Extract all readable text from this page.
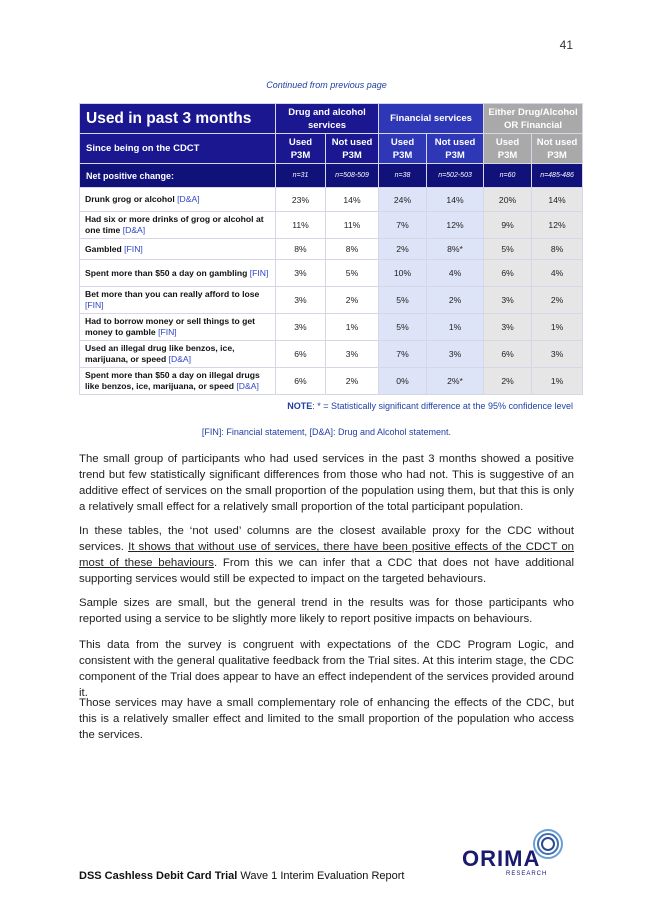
41
Continued from previous page
Used in past 3 months	Drug and alcohol services		Financial services		Either Drug/Alcohol OR Financial	
Since being on the CDCT	Used P3M	Not used P3M	Used P3M	Not used P3M	Used P3M	Not used P3M
Net positive change:	n=31	n=508-509	n=38	n=502-503	n=60	n=485-486
Drunk grog or alcohol [D&A]	23%	14%	24%	14%	20%	14%
Had six or more drinks of grog or alcohol at one time [D&A]	11%	11%	7%	12%	9%	12%
Gambled [FIN]	8%	8%	2%	8%*	5%	8%
Spent more than $50 a day on gambling [FIN]	3%	5%	10%	4%	6%	4%
Bet more than you can really afford to lose [FIN]	3%	2%	5%	2%	3%	2%
Had to borrow money or sell things to get money to gamble [FIN]	3%	1%	5%	1%	3%	1%
Used an illegal drug like benzos, ice, marijuana, or speed [D&A]	6%	3%	7%	3%	6%	3%
Spent more than $50 a day on illegal drugs like benzos, ice, marijuana, or speed [D&A]	6%	2%	0%	2%*	2%	1%
NOTE: * = Statistically significant difference at the 95% confidence level
[FIN]: Financial statement, [D&A]: Drug and Alcohol statement.

The small group of participants who had used services in the past 3 months showed a positive trend but few statistically significant differences from those who had not. This is suggestive of an additive effect of services on the small proportion of the population using them, but that this is only a relatively small effect for a relatively small proportion of the total participant population.

In these tables, the ‘not used’ columns are the closest available proxy for the CDC without services. It shows that without use of services, there have been positive effects of the CDCT on most of these behaviours. From this we can infer that a CDC that does not have additional supporting services would still be expected to impact on the targeted behaviours.

Sample sizes are small, but the general trend in the results was for those participants who reported using a service to be slightly more likely to report positive impacts on behaviours.

This data from the survey is congruent with expectations of the CDC Program Logic, and consistent with the general qualitative feedback from the Trial sites. At this interim stage, the CDC component of the Trial does appear to have an effect independent of the services provided around it.

Those services may have a small complementary role of enhancing the effects of the CDC, but this is a relatively smaller effect and limited to the small proportion of the population who access the services.

ORIMA
RESEARCH
DSS Cashless Debit Card Trial Wave 1 Interim Evaluation Report
